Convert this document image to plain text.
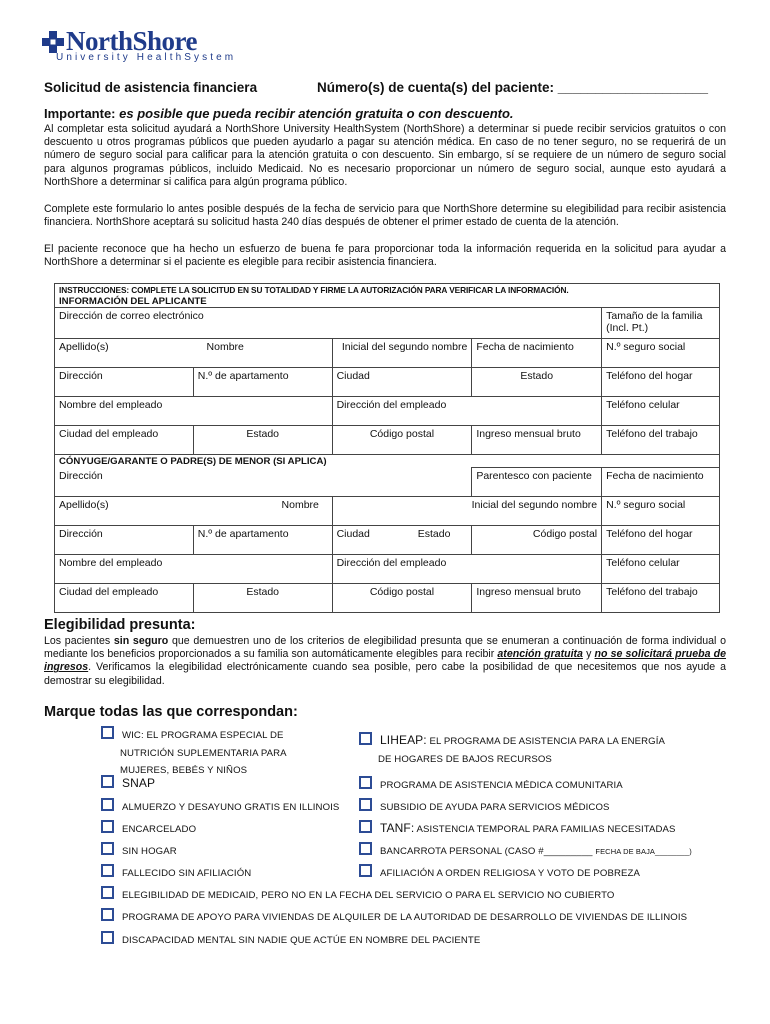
NorthShore
University HealthSystem
Solicitud de asistencia financiera	Número(s) de cuenta(s) del paciente: ____________________
Importante: es posible que pueda recibir atención gratuita o con descuento.
Al completar esta solicitud ayudará a NorthShore University HealthSystem (NorthShore) a determinar si puede recibir servicios gratuitos o con descuento u otros programas públicos que pueden ayudarlo a pagar su atención médica. En caso de no tener seguro, no se requerirá de un número de seguro social para calificar para la atención gratuita o con descuento. Sin embargo, sí se requiere de un número de seguro social para algunos programas públicos, incluido Medicaid. No es necesario proporcionar un número de seguro social, aunque esto ayudará a NorthShore a determinar si califica para algún programa público.
Complete este formulario lo antes posible después de la fecha de servicio para que NorthShore determine su elegibilidad para recibir asistencia financiera. NorthShore aceptará su solicitud hasta 240 días después de obtener el primer estado de cuenta de la atención.
El paciente reconoce que ha hecho un esfuerzo de buena fe para proporcionar toda la información requerida en la solicitud para ayudar a NorthShore a determinar si el paciente es elegible para recibir asistencia financiera.
INSTRUCCIONES: COMPLETE LA SOLICITUD EN SU TOTALIDAD Y FIRME LA AUTORIZACIÓN PARA VERIFICAR LA INFORMACIÓN.				
INFORMACIÓN DEL APLICANTE				
Dirección de correo electrónico				Tamaño de la familia (Incl. Pt.)
Apellido(s) Nombre		Inicial del segundo nombre	Fecha de nacimiento	N.º seguro social
Dirección	N.º de apartamento	Ciudad	Estado	Teléfono del hogar
Nombre del empleado		Dirección del empleado		Teléfono celular
Ciudad del empleado	Estado	Código postal	Ingreso mensual bruto	Teléfono del trabajo
CÓNYUGE/GARANTE O PADRE(S) DE MENOR (SI APLICA)				
Dirección			Parentesco con paciente	Fecha de nacimiento
Apellido(s) Nombre		Inicial del segundo nombre		N.º seguro social
Dirección	N.º de apartamento	Ciudad Estado	Código postal	Teléfono del hogar
Nombre del empleado		Dirección del empleado		Teléfono celular
Ciudad del empleado	Estado	Código postal	Ingreso mensual bruto	Teléfono del trabajo
Elegibilidad presunta:
Los pacientes sin seguro que demuestren uno de los criterios de elegibilidad presunta que se enumeran a continuación de forma individual o mediante los beneficios proporcionados a su familia son automáticamente elegibles para recibir atención gratuita y no se solicitará prueba de ingresos. Verificamos la elegibilidad electrónicamente cuando sea posible, pero cabe la posibilidad de que necesitemos que nos ayude a demostrar su elegibilidad.
Marque todas las que correspondan:
WIC: EL PROGRAMA ESPECIAL DE
NUTRICIÓN SUPLEMENTARIA PARA
MUJERES, BEBÉS Y NIÑOS
LIHEAP: EL PROGRAMA DE ASISTENCIA PARA LA ENERGÍA
DE HOGARES DE BAJOS RECURSOS
SNAP	PROGRAMA DE ASISTENCIA MÉDICA COMUNITARIA
ALMUERZO Y DESAYUNO GRATIS EN ILLINOIS	SUBSIDIO DE AYUDA PARA SERVICIOS MÉDICOS
ENCARCELADO	TANF: ASISTENCIA TEMPORAL PARA FAMILIAS NECESITADAS
SIN HOGAR	BANCARROTA PERSONAL (CASO #_________ FECHA DE BAJA________)
FALLECIDO SIN AFILIACIÓN	AFILIACIÓN A ORDEN RELIGIOSA Y VOTO DE POBREZA
ELEGIBILIDAD DE MEDICAID, PERO NO EN LA FECHA DEL SERVICIO O PARA EL SERVICIO NO CUBIERTO
PROGRAMA DE APOYO PARA VIVIENDAS DE ALQUILER DE LA AUTORIDAD DE DESARROLLO DE VIVIENDAS DE ILLINOIS
DISCAPACIDAD MENTAL SIN NADIE QUE ACTÚE EN NOMBRE DEL PACIENTE
